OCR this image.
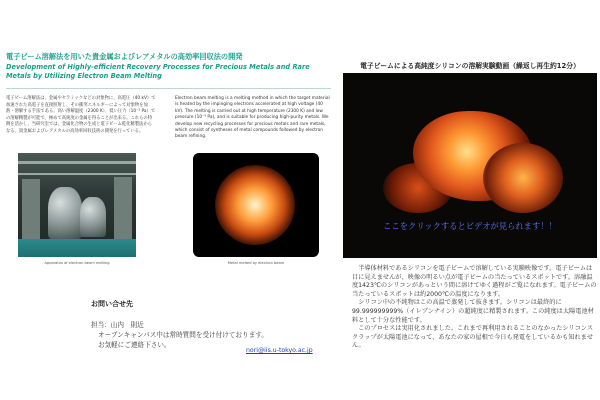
電子ビーム溶解法を用いた貴金属およびレアメタルの高効率回収法の開発
Development of Highly-efficient Recovery Processes for Precious Metals and Rare Metals by Utilizing Electron Beam Melting
電子ビーム溶解法は、金属やセラミックなどの対象物に、高電圧（40 kV）で加速された高電子を直接照射し、その衝突エネルギーによって対象物を加熱・溶解する手法である。高い溶解温度（2300 K）、低い圧力（10⁻³ Pa）での溶解精製が可能で、極めて高純度の金属を得ることが出来る。これらの特徴を活かし、当研究室では、金属化合物の生成と電子ビーム乾化精製法からなる、貴金属およびレアメタルの高効率回収技術の開発を行っている。
Electron beam melting is a melting method in which the target material is heated by the impinging electrons accelerated at high voltage (40 kV). The melting is carried out at high temperature (2300 K) and low pressure (10⁻³ Pa), and is suitable for producing high-purity metals. We develop new recycling processes for precious metals and rare metals, which consist of syntheses of metal compounds followed by electron beam refining.
Apparatus of electron beam melting	Metal melted by electron beam
お問い合せ先
担当：山内　則近
オープンキャンパス中は常時質問を受け付けております。
お気軽にご連絡下さい。
nori@iis.u-tokyo.ac.jp
電子ビームによる高純度シリコンの溶解実験動画（繰返し再生約12分）
ここをクリックするとビデオが見られます！！

半導体材料であるシリコンを電子ビームで溶解している実験映像です。電子ビームは目に見えませんが、映像の明るい点が電子ビームの当たっているスポットです。溶融温度1423℃のシリコンがあっという間に溶けてゆく過程がご覧になれます。電子ビームの当たっているスポットは約2000℃の温度になります。

シリコン中の不純物はこの高温で蒸発して抜きます。シリコンは最終的に99.999999999%（イレブンナイン）の超純度に精製されます。この純度は太陽電池材料として十分な性能です。

このプロセスは実用化されました。これまで再利用されることのなかったシリコンスクラップが太陽電池になって、あなたの家の屋根で今日も発電をしているかも知れません。
